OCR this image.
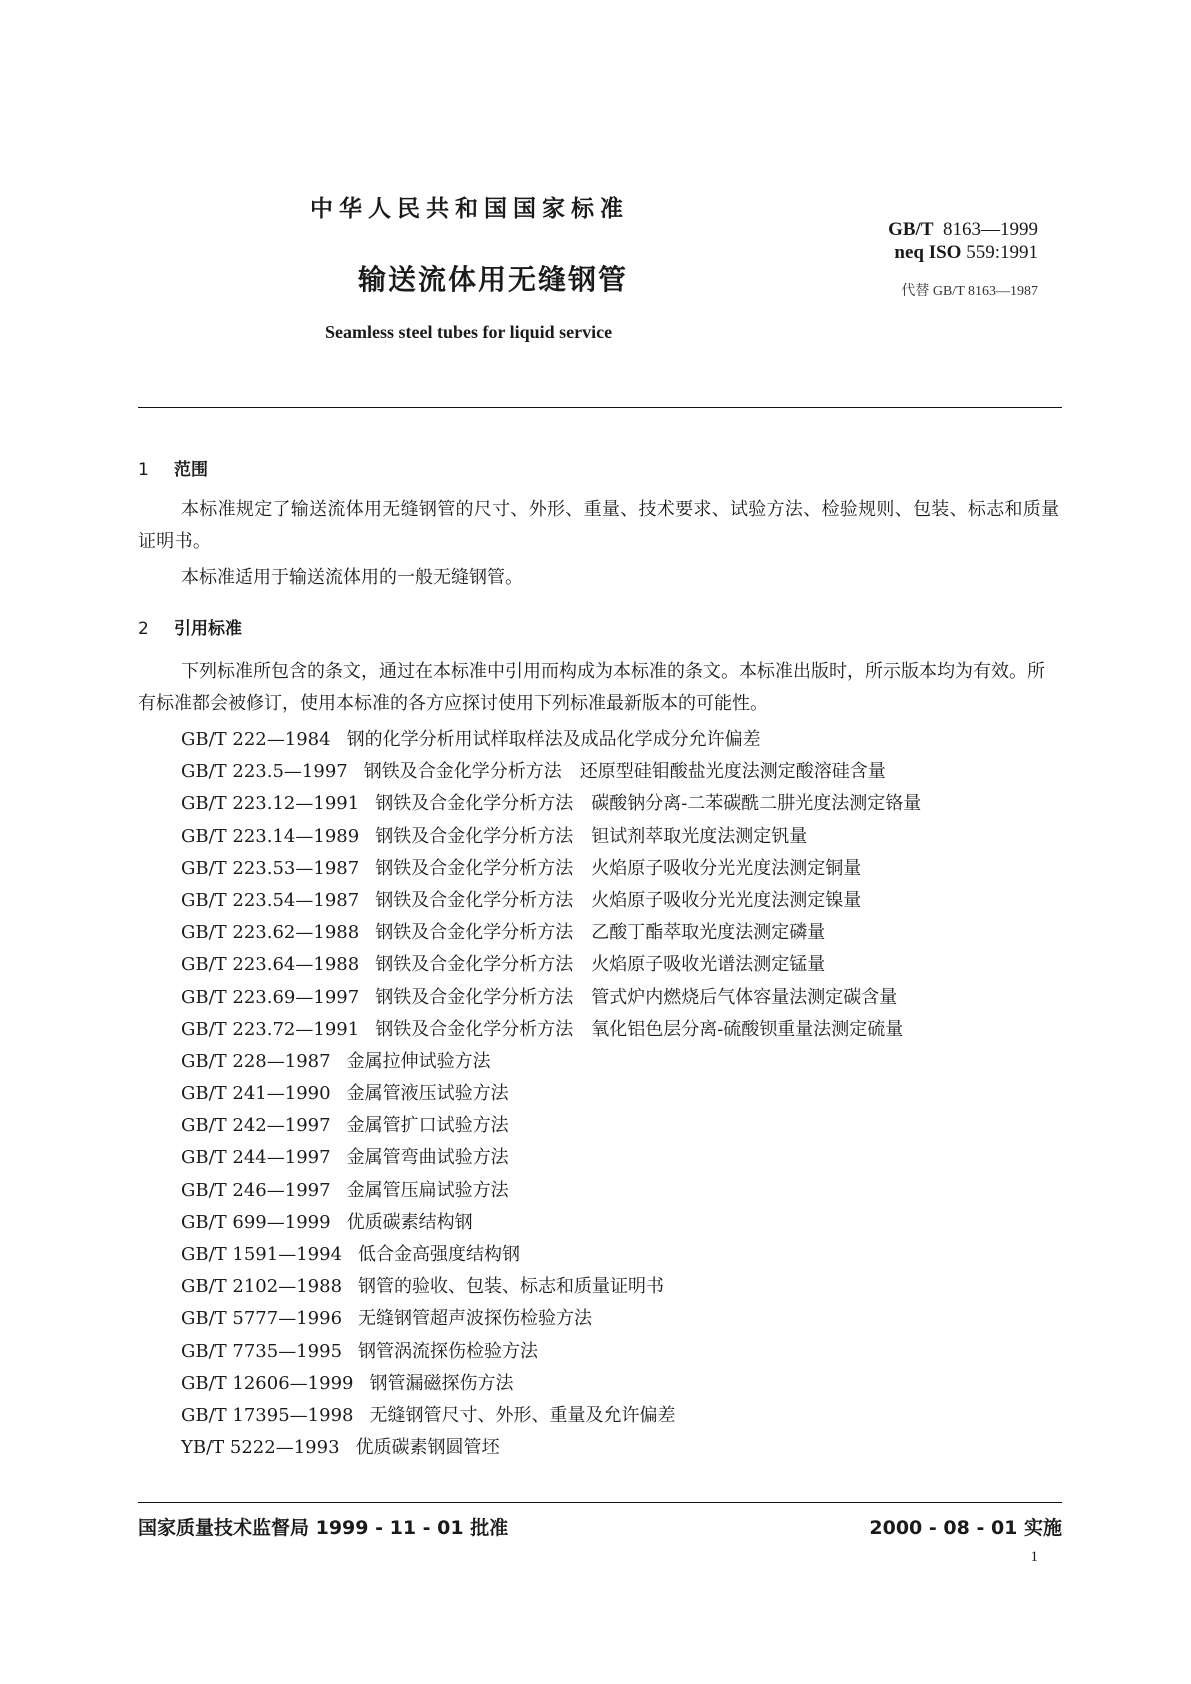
中华人民共和国国家标准
GB/T 8163—1999
neq ISO 559:1991
代替 GB/T 8163—1987
输送流体用无缝钢管
Seamless steel tubes for liquid service
1 范围
本标准规定了输送流体用无缝钢管的尺寸、外形、重量、技术要求、试验方法、检验规则、包装、标志和质量证明书。
本标准适用于输送流体用的一般无缝钢管。
2 引用标准
下列标准所包含的条文，通过在本标准中引用而构成为本标准的条文。本标准出版时，所示版本均为有效。所有标准都会被修订，使用本标准的各方应探讨使用下列标准最新版本的可能性。
GB/T 222—1984 钢的化学分析用试样取样法及成品化学成分允许偏差
GB/T 223.5—1997 钢铁及合金化学分析方法　还原型硅钼酸盐光度法测定酸溶硅含量
GB/T 223.12—1991 钢铁及合金化学分析方法　碳酸钠分离-二苯碳酰二肼光度法测定铬量
GB/T 223.14—1989 钢铁及合金化学分析方法　钽试剂萃取光度法测定钒量
GB/T 223.53—1987 钢铁及合金化学分析方法　火焰原子吸收分光光度法测定铜量
GB/T 223.54—1987 钢铁及合金化学分析方法　火焰原子吸收分光光度法测定镍量
GB/T 223.62—1988 钢铁及合金化学分析方法　乙酸丁酯萃取光度法测定磷量
GB/T 223.64—1988 钢铁及合金化学分析方法　火焰原子吸收光谱法测定锰量
GB/T 223.69—1997 钢铁及合金化学分析方法　管式炉内燃烧后气体容量法测定碳含量
GB/T 223.72—1991 钢铁及合金化学分析方法　氧化铝色层分离-硫酸钡重量法测定硫量
GB/T 228—1987 金属拉伸试验方法
GB/T 241—1990 金属管液压试验方法
GB/T 242—1997 金属管扩口试验方法
GB/T 244—1997 金属管弯曲试验方法
GB/T 246—1997 金属管压扁试验方法
GB/T 699—1999 优质碳素结构钢
GB/T 1591—1994 低合金高强度结构钢
GB/T 2102—1988 钢管的验收、包装、标志和质量证明书
GB/T 5777—1996 无缝钢管超声波探伤检验方法
GB/T 7735—1995 钢管涡流探伤检验方法
GB/T 12606—1999 钢管漏磁探伤方法
GB/T 17395—1998 无缝钢管尺寸、外形、重量及允许偏差
YB/T 5222—1993 优质碳素钢圆管坯
国家质量技术监督局 1999 - 11 - 01 批准	2000 - 08 - 01 实施
1
